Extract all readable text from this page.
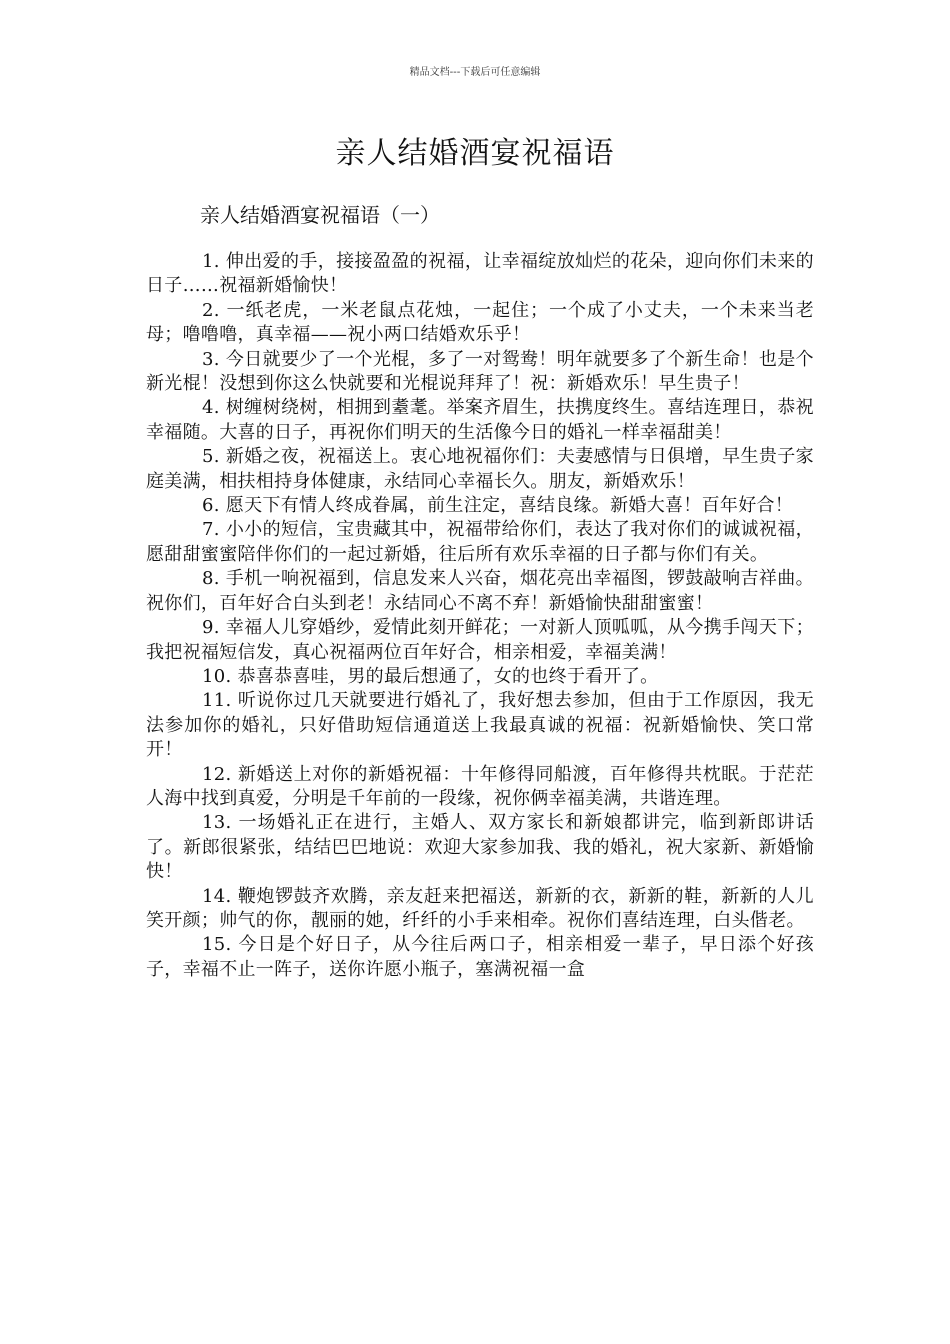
精品文档---下载后可任意编辑
亲人结婚酒宴祝福语

亲人结婚酒宴祝福语（一）

1. 伸出爱的手，接接盈盈的祝福，让幸福绽放灿烂的花朵，迎向你们未来的日子……祝福新婚愉快！

2. 一纸老虎，一米老鼠点花烛，一起住；一个成了小丈夫，一个未来当老母；噜噜噜，真幸福——祝小两口结婚欢乐乎！

3. 今日就要少了一个光棍，多了一对鸳鸯！明年就要多了个新生命！也是个新光棍！没想到你这么快就要和光棍说拜拜了！祝：新婚欢乐！早生贵子！

4. 树缠树绕树，相拥到耋耄。举案齐眉生，扶携度终生。喜结连理日，恭祝幸福随。大喜的日子，再祝你们明天的生活像今日的婚礼一样幸福甜美！

5. 新婚之夜，祝福送上。衷心地祝福你们：夫妻感情与日俱增，早生贵子家庭美满，相扶相持身体健康，永结同心幸福长久。朋友，新婚欢乐！

6. 愿天下有情人终成眷属，前生注定，喜结良缘。新婚大喜！百年好合！

7. 小小的短信，宝贵藏其中，祝福带给你们，表达了我对你们的诚诚祝福，愿甜甜蜜蜜陪伴你们的一起过新婚，往后所有欢乐幸福的日子都与你们有关。

8. 手机一响祝福到，信息发来人兴奋，烟花亮出幸福图，锣鼓敲响吉祥曲。祝你们，百年好合白头到老！永结同心不离不弃！新婚愉快甜甜蜜蜜！

9. 幸福人儿穿婚纱，爱情此刻开鲜花；一对新人顶呱呱，从今携手闯天下；我把祝福短信发，真心祝福两位百年好合，相亲相爱，幸福美满！

10. 恭喜恭喜哇，男的最后想通了，女的也终于看开了。

11. 听说你过几天就要进行婚礼了，我好想去参加，但由于工作原因，我无法参加你的婚礼，只好借助短信通道送上我最真诚的祝福：祝新婚愉快、笑口常开！

12. 新婚送上对你的新婚祝福：十年修得同船渡，百年修得共枕眠。于茫茫人海中找到真爱，分明是千年前的一段缘，祝你俩幸福美满，共谐连理。

13. 一场婚礼正在进行，主婚人、双方家长和新娘都讲完，临到新郎讲话了。新郎很紧张，结结巴巴地说：欢迎大家参加我、我的婚礼，祝大家新、新婚愉快！

14. 鞭炮锣鼓齐欢腾，亲友赶来把福送，新新的衣，新新的鞋，新新的人儿笑开颜；帅气的你，靓丽的她，纤纤的小手来相牵。祝你们喜结连理，白头偕老。

15. 今日是个好日子，从今往后两口子，相亲相爱一辈子，早日添个好孩子，幸福不止一阵子，送你许愿小瓶子，塞满祝福一盒
